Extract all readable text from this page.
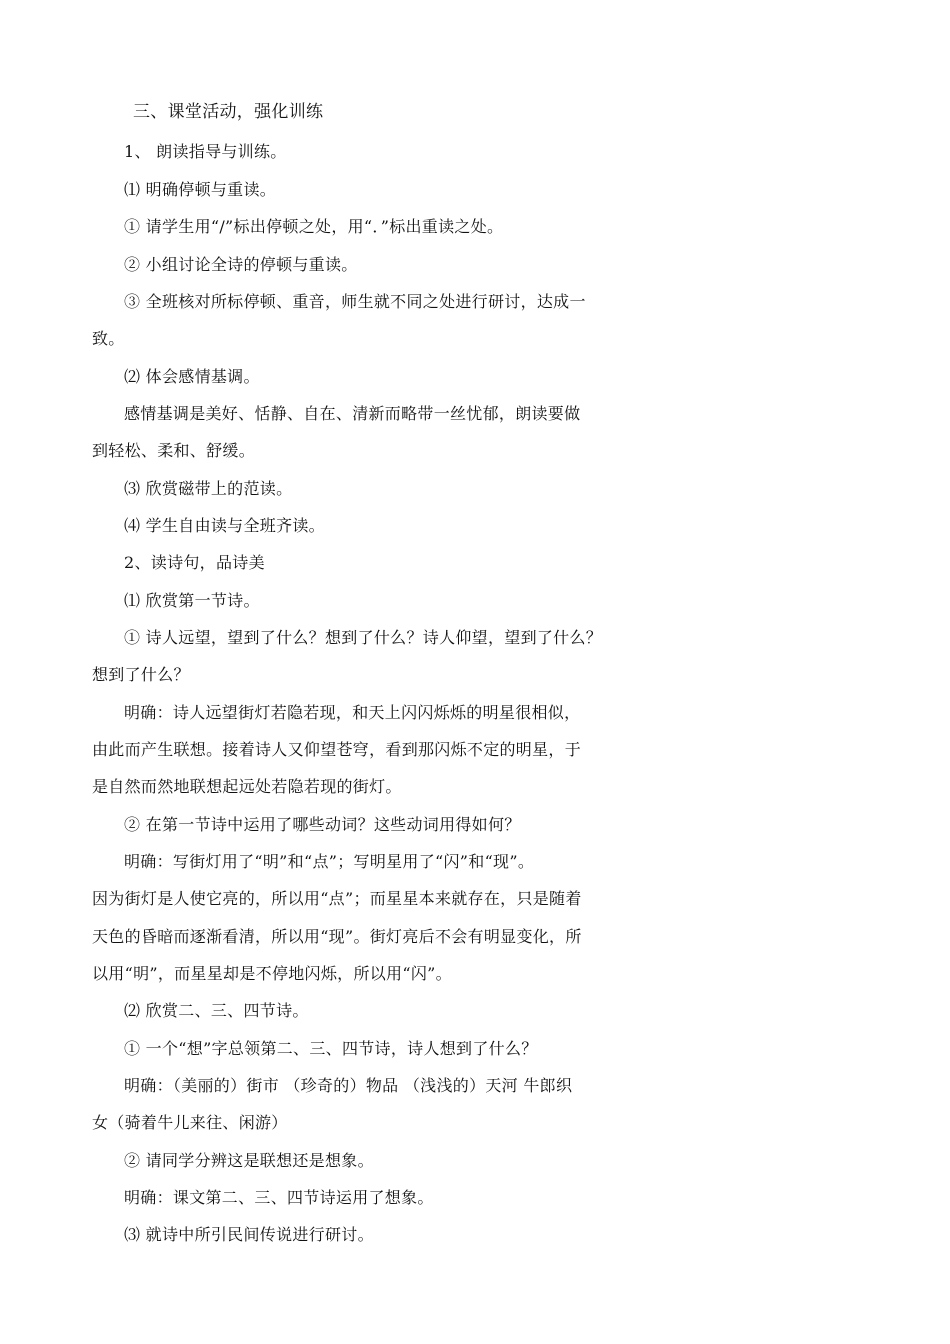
三、课堂活动，强化训练
1、 朗读指导与训练。
⑴ 明确停顿与重读。
① 请学生用“/”标出停顿之处，用“．”标出重读之处。
② 小组讨论全诗的停顿与重读。
③ 全班核对所标停顿、重音，师生就不同之处进行研讨，达成一
致。
⑵ 体会感情基调。
感情基调是美好、恬静、自在、清新而略带一丝忧郁，朗读要做
到轻松、柔和、舒缓。
⑶ 欣赏磁带上的范读。
⑷ 学生自由读与全班齐读。
2、读诗句，品诗美
⑴ 欣赏第一节诗。
① 诗人远望，望到了什么？想到了什么？诗人仰望，望到了什么？
想到了什么？
明确：诗人远望街灯若隐若现，和天上闪闪烁烁的明星很相似，
由此而产生联想。接着诗人又仰望苍穹，看到那闪烁不定的明星，于
是自然而然地联想起远处若隐若现的街灯。
② 在第一节诗中运用了哪些动词？这些动词用得如何？
明确：写街灯用了“明”和“点”；写明星用了“闪”和“现”。
因为街灯是人使它亮的，所以用“点”；而星星本来就存在，只是随着
天色的昏暗而逐渐看清，所以用“现”。街灯亮后不会有明显变化，所
以用“明”，而星星却是不停地闪烁，所以用“闪”。
⑵ 欣赏二、三、四节诗。
① 一个“想”字总领第二、三、四节诗，诗人想到了什么？
明确：（美丽的）街市 （珍奇的）物品 （浅浅的）天河 牛郎织
女（骑着牛儿来往、闲游）
② 请同学分辨这是联想还是想象。
明确：课文第二、三、四节诗运用了想象。
⑶ 就诗中所引民间传说进行研讨。
